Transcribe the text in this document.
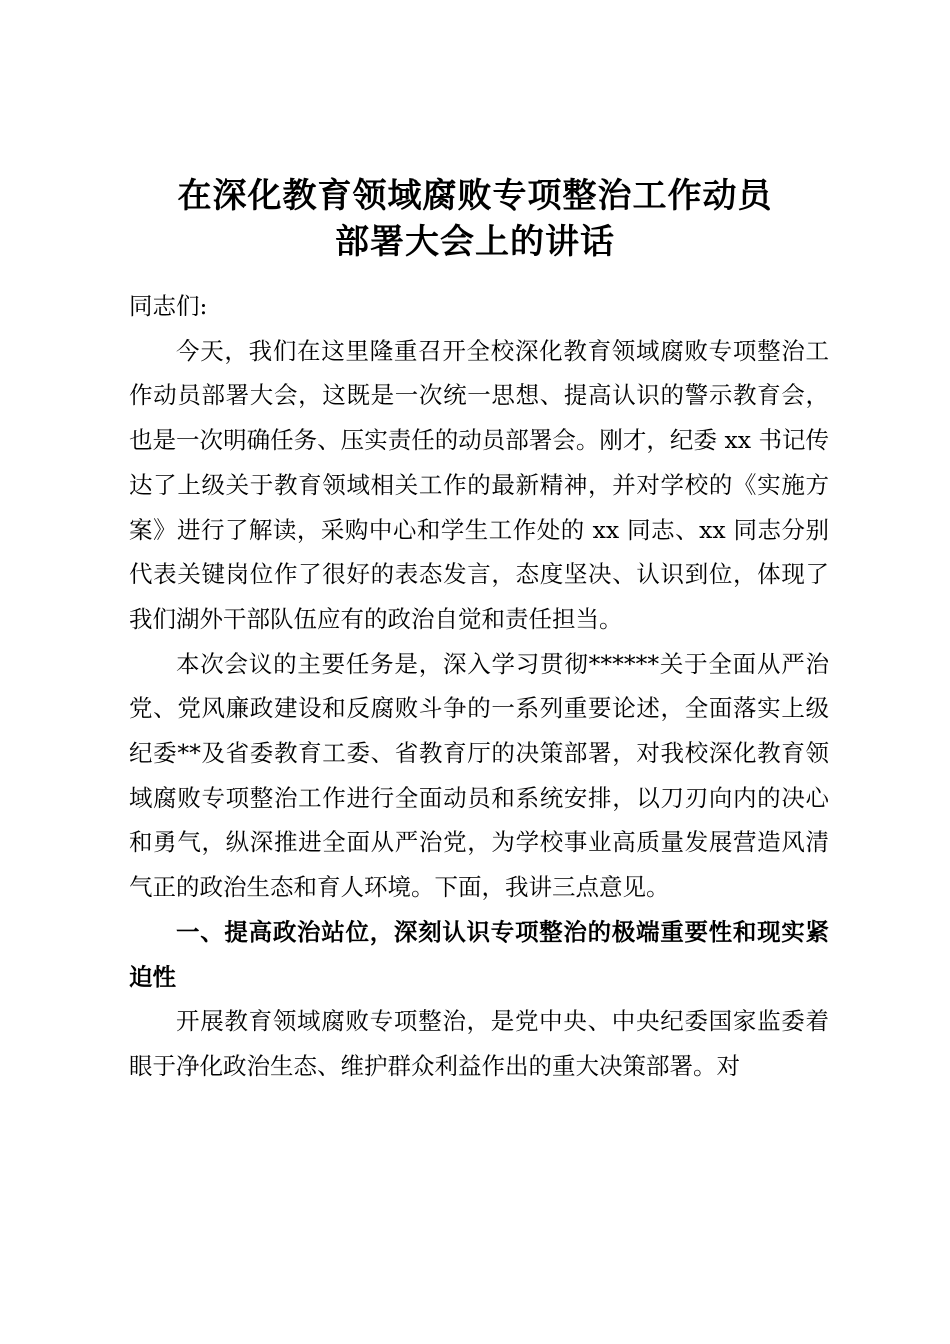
在深化教育领域腐败专项整治工作动员
部署大会上的讲话

同志们:

今天，我们在这里隆重召开全校深化教育领域腐败专项整治工作动员部署大会，这既是一次统一思想、提高认识的警示教育会，也是一次明确任务、压实责任的动员部署会。刚才，纪委 xx 书记传达了上级关于教育领域相关工作的最新精神，并对学校的《实施方案》进行了解读，采购中心和学生工作处的 xx 同志、xx 同志分别代表关键岗位作了很好的表态发言，态度坚决、认识到位，体现了我们湖外干部队伍应有的政治自觉和责任担当。

本次会议的主要任务是，深入学习贯彻******关于全面从严治党、党风廉政建设和反腐败斗争的一系列重要论述，全面落实上级纪委**及省委教育工委、省教育厅的决策部署，对我校深化教育领域腐败专项整治工作进行全面动员和系统安排，以刀刃向内的决心和勇气，纵深推进全面从严治党，为学校事业高质量发展营造风清气正的政治生态和育人环境。下面，我讲三点意见。

一、提高政治站位，深刻认识专项整治的极端重要性和现实紧迫性

开展教育领域腐败专项整治，是党中央、中央纪委国家监委着眼于净化政治生态、维护群众利益作出的重大决策部署。对
